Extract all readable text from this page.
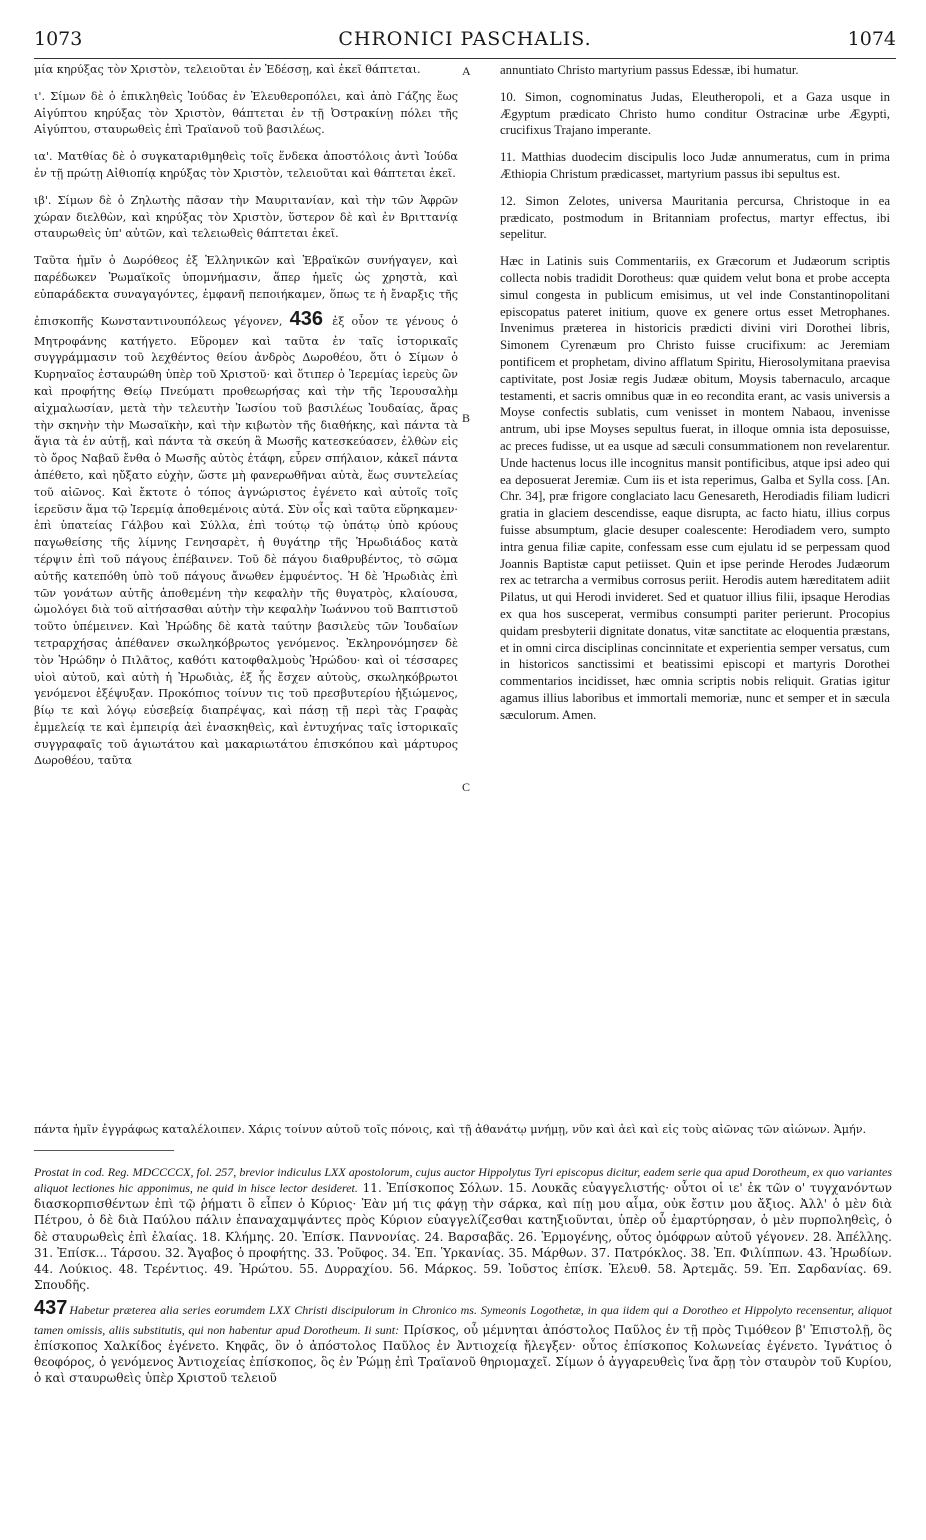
1073	CHRONICI PASCHALIS.	1074
A
B
C

μία κηρύξας τὸν Χριστὸν, τελειοῦται ἐν Ἐδέσσῃ, καὶ ἐκεῖ θάπτεται.

ι'. Σίμων δὲ ὁ ἐπικληθεὶς Ἰούδας ἐν Ἐλευθεροπόλει, καὶ ἀπὸ Γάζης ἕως Αἰγύπτου κηρύξας τὸν Χριστὸν, θάπτεται ἐν τῇ Ὀστρακίνῃ πόλει τῆς Αἰγύπτου, σταυρωθεὶς ἐπὶ Τραϊανοῦ τοῦ βασιλέως.

ια'. Ματθίας δὲ ὁ συγκαταριθμηθεὶς τοῖς ἕνδεκα ἀποστόλοις ἀντὶ Ἰούδα ἐν τῇ πρώτῃ Αἰθιοπίᾳ κηρύξας τὸν Χριστὸν, τελειοῦται καὶ θάπτεται ἐκεῖ.

ιβ'. Σίμων δὲ ὁ Ζηλωτὴς πᾶσαν τὴν Μαυριτανίαν, καὶ τὴν τῶν Ἀφρῶν χώραν διελθὼν, καὶ κηρύξας τὸν Χριστὸν, ὕστερον δὲ καὶ ἐν Βριττανίᾳ σταυρωθεὶς ὑπ' αὐτῶν, καὶ τελειωθεὶς θάπτεται ἐκεῖ.

Ταῦτα ἡμῖν ὁ Δωρόθεος ἐξ Ἑλληνικῶν καὶ Ἑβραϊκῶν συνήγαγεν, καὶ παρέδωκεν Ῥωμαϊκοῖς ὑπομνήμασιν, ἅπερ ἡμεῖς ὡς χρηστὰ, καὶ εὐπαράδεκτα συναγαγόντες, ἐμφανῆ πεποιήκαμεν, ὅπως τε ἡ ἔναρξις τῆς ἐπισκοπῆς Κωνσταντινουπόλεως γέγονεν, 436 ἐξ οὗον τε γένους ὁ Μητροφάνης κατήγετο. Εὕρομεν καὶ ταῦτα ἐν ταῖς ἱστορικαῖς συγγράμμασιν τοῦ λεχθέντος θείου ἀνδρὸς Δωροθέου, ὅτι ὁ Σίμων ὁ Κυρηναῖος ἐσταυρώθη ὑπὲρ τοῦ Χριστοῦ· καὶ ὅτιπερ ὁ Ἱερεμίας ἱερεὺς ὢν καὶ προφήτης Θείῳ Πνεύματι προθεωρήσας καὶ τὴν τῆς Ἱερουσαλὴμ αἰχμαλωσίαν, μετὰ τὴν τελευτὴν Ἰωσίου τοῦ βασιλέως Ἰουδαίας, ἄρας τὴν σκηνὴν τὴν Μωσαϊκὴν, καὶ τὴν κιβωτὸν τῆς διαθήκης, καὶ πάντα τὰ ἅγια τὰ ἐν αὐτῇ, καὶ πάντα τὰ σκεύη ἃ Μωσῆς κατεσκεύασεν, ἐλθὼν εἰς τὸ ὄρος Ναβαῦ ἔνθα ὁ Μωσῆς αὐτὸς ἐτάφη, εὗρεν σπήλαιον, κἀκεῖ πάντα ἀπέθετο, καὶ ηὔξατο εὐχὴν, ὥστε μὴ φανερωθῆναι αὐτὰ, ἕως συντελείας τοῦ αἰῶνος. Καὶ ἔκτοτε ὁ τόπος ἀγνώριστος ἐγένετο καὶ αὐτοῖς τοῖς ἱερεῦσιν ἅμα τῷ Ἱερεμίᾳ ἀποθεμένοις αὐτά. Σὺν οἷς καὶ ταῦτα εὕρηκαμεν· ἐπὶ ὑπατείας Γάλβου καὶ Σύλλα, ἐπὶ τούτῳ τῷ ὑπάτῳ ὑπὸ κρύους παγωθείσης τῆς λίμνης Γενησαρὲτ, ἡ θυγάτηρ τῆς Ἡρωδιάδος κατὰ τέρψιν ἐπὶ τοῦ πάγους ἐπέβαινεν. Τοῦ δὲ πάγου διαθρυβέντος, τὸ σῶμα αὐτῆς κατεπόθη ὑπὸ τοῦ πάγους ἄνωθεν ἐμφυέντος. Ἡ δὲ Ἡρωδιὰς ἐπὶ τῶν γονάτων αὐτῆς ἀποθεμένη τὴν κεφαλὴν τῆς θυγατρὸς, κλαίουσα, ὡμολόγει διὰ τοῦ αἰτήσασθαι αὐτὴν τὴν κεφαλὴν Ἰωάννου τοῦ Βαπτιστοῦ τοῦτο ὑπέμεινεν. Καὶ Ἡρώδης δὲ κατὰ ταύτην βασιλεὺς τῶν Ἰουδαίων τετραρχήσας ἀπέθανεν σκωληκόβρωτος γενόμενος. Ἐκληρονόμησεν δὲ τὸν Ἡρώδην ὁ Πιλᾶτος, καθότι κατοφθαλμοὺς Ἡρώδου· καὶ οἱ τέσσαρες υἱοὶ αὐτοῦ, καὶ αὐτὴ ἡ Ἡρωδιὰς, ἐξ ἧς ἔσχεν αὐτοὺς, σκωληκόβρωτοι γενόμενοι ἐξέψυξαν. Προκόπιος τοίνυν τις τοῦ πρεσβυτερίου ἠξιώμενος, βίῳ τε καὶ λόγῳ εὐσεβείᾳ διαπρέψας, καὶ πάσῃ τῇ περὶ τὰς Γραφὰς ἐμμελείᾳ τε καὶ ἐμπειρίᾳ ἀεὶ ἐνασκηθεὶς, καὶ ἐντυχήνας ταῖς ἱστορικαῖς συγγραφαῖς τοῦ ἁγιωτάτου καὶ μακαριωτάτου ἐπισκόπου καὶ μάρτυρος Δωροθέου, ταῦτα

annuntiato Christo martyrium passus Edessæ, ibi humatur.

10. Simon, cognominatus Judas, Eleutheropoli, et a Gaza usque in Ægyptum prædicato Christo humo conditur Ostracinæ urbe Ægypti, crucifixus Trajano imperante.

11. Matthias duodecim discipulis loco Judæ annumeratus, cum in prima Æthiopia Christum prædicasset, martyrium passus ibi sepultus est.

12. Simon Zelotes, universa Mauritania percursa, Christoque in ea prædicato, postmodum in Britanniam profectus, martyr effectus, ibi sepelitur.

Hæc in Latinis suis Commentariis, ex Græcorum et Judæorum scriptis collecta nobis tradidit Dorotheus: quæ quidem velut bona et probe accepta simul congesta in publicum emisimus, ut vel inde Constantinopolitani episcopatus pateret initium, quove ex genere ortus esset Metrophanes. Invenimus præterea in historicis prædicti divini viri Dorothei libris, Simonem Cyrenæum pro Christo fuisse crucifixum: ac Jeremiam pontificem et prophetam, divino afflatum Spiritu, Hierosolymitana praevisa captivitate, post Josiæ regis Judææ obitum, Moysis tabernaculo, arcaque testamenti, et sacris omnibus quæ in eo recondita erant, ac vasis universis a Moyse confectis sublatis, cum venisset in montem Nabaou, invenisse antrum, ubi ipse Moyses sepultus fuerat, in illoque omnia ista deposuisse, ac preces fudisse, ut ea usque ad sæculi consummationem non revelarentur. Unde hactenus locus ille incognitus mansit pontificibus, atque ipsi adeo qui ea deposuerat Jeremiæ. Cum iis et ista reperimus, Galba et Sylla coss. [An. Chr. 34], præ frigore conglaciato lacu Genesareth, Herodiadis filiam ludicri gratia in glaciem descendisse, eaque disrupta, ac facto hiatu, illius corpus fuisse absumptum, glacie desuper coalescente: Herodiadem vero, sumpto intra genua filiæ capite, confessam esse cum ejulatu id se perpessam quod Joannis Baptistæ caput petiisset. Quin et ipse perinde Herodes Judæorum rex ac tetrarcha a vermibus corrosus periit. Herodis autem hæreditatem adiit Pilatus, ut qui Herodi invideret. Sed et quatuor illius filii, ipsaque Herodias ex qua hos susceperat, vermibus consumpti pariter perierunt. Procopius quidam presbyterii dignitate donatus, vitæ sanctitate ac eloquentia præstans, et in omni circa disciplinas concinnitate et experientia semper versatus, cum in historicos sanctissimi et beatissimi episcopi et martyris Dorothei commentarios incidisset, hæc omnia scriptis nobis reliquit. Gratias igitur agamus illius laboribus et immortali memoriæ, nunc et semper et in sæcula sæculorum. Amen.

πάντα ἡμῖν ἐγγράφως καταλέλοιπεν. Χάρις τοίνυν αὐτοῦ τοῖς πόνοις, καὶ τῇ ἀθανάτῳ μνήμῃ, νῦν καὶ ἀεὶ καὶ εἰς τοὺς αἰῶνας τῶν αἰώνων. Ἀμήν.

Prostat in cod. Reg. MDCCCCX, fol. 257, brevior indiculus LXX apostolorum, cujus auctor Hippolytus Tyri episcopus dicitur, eadem serie qua apud Dorotheum, ex quo variantes aliquot lectiones hic apponimus, ne quid in hisce lector desideret. 11. Ἐπίσκοπος Σόλων. 15. Λουκᾶς εὐαγγελιστής· οὗτοι οἱ ιε' ἐκ τῶν ο' τυγχανόντων διασκορπισθέντων ἐπὶ τῷ ῥήματι ὃ εἶπεν ὁ Κύριος· Ἐὰν μή τις φάγῃ τὴν σάρκα, καὶ πίῃ μου αἷμα, οὐκ ἔστιν μου ἄξιος. Ἀλλ' ὁ μὲν διὰ Πέτρου, ὁ δὲ διὰ Παύλου πάλιν ἐπαναχαμψάντες πρὸς Κύριον εὐαγγελίζεσθαι κατηξιοῦνται, ὑπὲρ οὗ ἐμαρτύρησαν, ὁ μὲν πυρποληθεὶς, ὁ δὲ σταυρωθεὶς ἐπὶ ἐλαίας. 18. Κλήμης. 20. Ἐπίσκ. Παννονίας. 24. Βαρσαβᾶς. 26. Ἑρμογένης, οὗτος ὁμόφρων αὐτοῦ γέγονεν. 28. Ἀπέλλης. 31. Ἐπίσκ... Τάρσου. 32. Ἄγαβος ὁ προφήτης. 33. Ῥοῦφος. 34. Ἐπ. Ὑρκανίας. 35. Μάρθων. 37. Πατρόκλος. 38. Ἐπ. Φιλίππων. 43. Ἡρωδίων. 44. Λούκιος. 48. Τερέντιος. 49. Ἠρώτου. 55. Δυρραχίου. 56. Μάρκος. 59. Ἰοῦστος ἐπίσκ. Ἐλευθ. 58. Ἀρτεμᾶς. 59. Ἐπ. Σαρδανίας. 69. Σπουδῆς.

437 Habetur præterea alia series eorumdem LXX Christi discipulorum in Chronico ms. Symeonis Logothetæ, in qua iidem qui a Dorotheo et Hippolyto recensentur, aliquot tamen omissis, aliis substitutis, qui non habentur apud Dorotheum. Ii sunt: Πρίσκος, οὗ μέμνηται ἀπόστολος Παῦλος ἐν τῇ πρὸς Τιμόθεον β' Ἐπιστολῇ, ὃς ἐπίσκοπος Χαλκίδος ἐγένετο. Κηφᾶς, ὃν ὁ ἀπόστολος Παῦλος ἐν Ἀντιοχείᾳ ἤλεγξεν· οὗτος ἐπίσκοπος Κολωνείας ἐγένετο. Ἰγνάτιος ὁ θεοφόρος, ὁ γενόμενος Ἀντιοχείας ἐπίσκοπος, ὃς ἐν Ῥώμῃ ἐπὶ Τραϊανοῦ θηριομαχεῖ. Σίμων ὁ ἀγγαρευθεὶς ἵνα ἄρῃ τὸν σταυρὸν τοῦ Κυρίου, ὁ καὶ σταυρωθεὶς ὑπὲρ Χριστοῦ τελειοῦ
